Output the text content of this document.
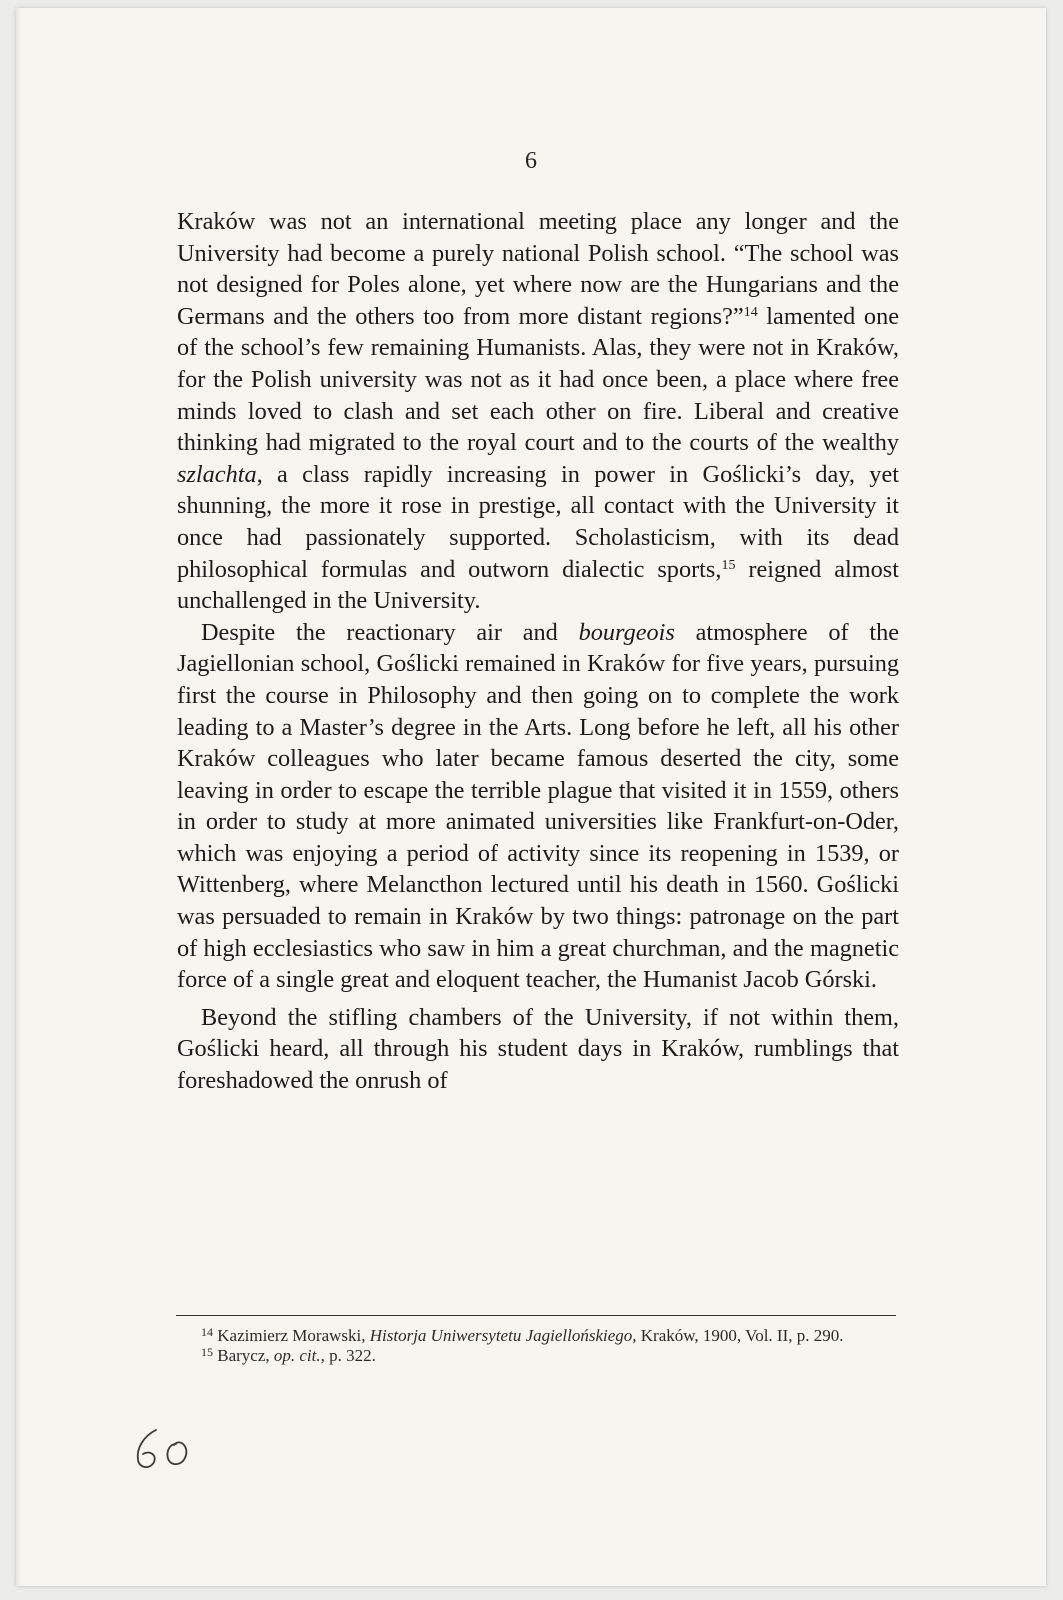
6

Kraków was not an international meeting place any longer and the University had become a purely national Polish school. “The school was not designed for Poles alone, yet where now are the Hungarians and the Germans and the others too from more distant regions?”$^{14}$ lamented one of the school’s few remaining Humanists. Alas, they were not in Kraków, for the Polish university was not as it had once been, a place where free minds loved to clash and set each other on fire. Liberal and creative thinking had migrated to the royal court and to the courts of the wealthy szlachta, a class rapidly increasing in power in Goślicki’s day, yet shunning, the more it rose in prestige, all contact with the University it once had passionately supported. Scholasticism, with its dead philosophical formulas and outworn dialectic sports,$^{15}$ reigned almost unchallenged in the University.

Despite the reactionary air and bourgeois atmosphere of the Jagiellonian school, Goślicki remained in Kraków for five years, pursuing first the course in Philosophy and then going on to complete the work leading to a Master’s degree in the Arts. Long before he left, all his other Kraków colleagues who later became famous deserted the city, some leaving in order to escape the terrible plague that visited it in 1559, others in order to study at more animated universities like Frankfurt-on-Oder, which was enjoying a period of activity since its reopening in 1539, or Wittenberg, where Melancthon lectured until his death in 1560. Goślicki was persuaded to remain in Kraków by two things: patronage on the part of high ecclesiastics who saw in him a great churchman, and the magnetic force of a single great and eloquent teacher, the Humanist Jacob Górski.

Beyond the stifling chambers of the University, if not within them, Goślicki heard, all through his student days in Kraków, rumblings that foreshadowed the onrush of

$^{14}$ Kazimierz Morawski, Historja Uniwersytetu Jagiellońskiego, Kraków, 1900, Vol. II, p. 290.

$^{15}$ Barycz, op. cit., p. 322.
